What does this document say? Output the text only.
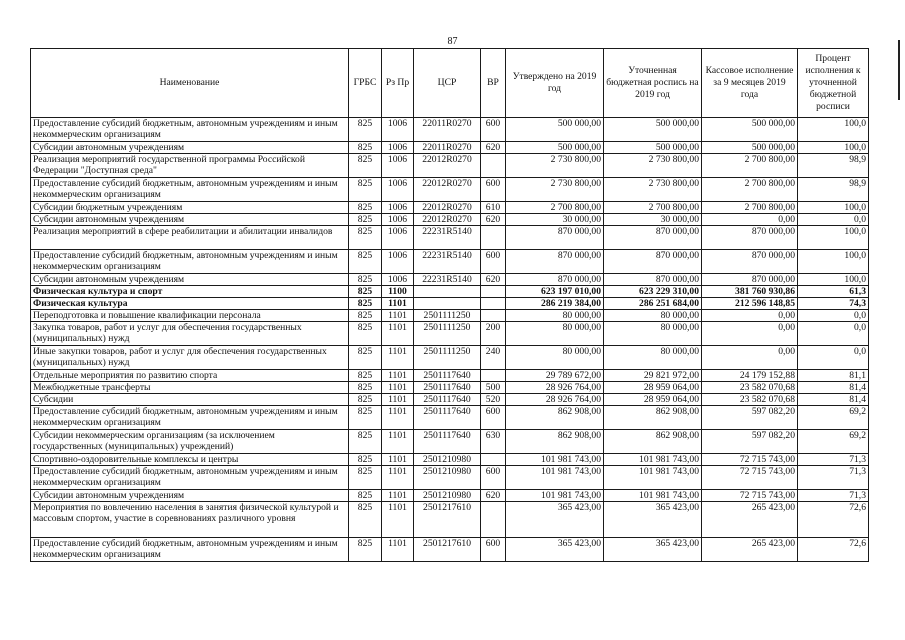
87
Наименование	ГРБС	Рз Пр	ЦСР	ВР	Утверждено на 2019 год	Уточненная бюджетная роспись на 2019 год	Кассовое исполнение за 9 месяцев 2019 года	Процент исполнения к уточненной бюджетной росписи
Предоставление субсидий бюджетным, автономным учреждениям и иным некоммерческим организациям	825	1006	22011R0270	600	500 000,00	500 000,00	500 000,00	100,0
Субсидии автономным учреждениям	825	1006	22011R0270	620	500 000,00	500 000,00	500 000,00	100,0
Реализация мероприятий государственной программы Российской Федерации "Доступная среда"	825	1006	22012R0270		2 730 800,00	2 730 800,00	2 700 800,00	98,9
Предоставление субсидий бюджетным, автономным учреждениям и иным некоммерческим организациям	825	1006	22012R0270	600	2 730 800,00	2 730 800,00	2 700 800,00	98,9
Субсидии бюджетным учреждениям	825	1006	22012R0270	610	2 700 800,00	2 700 800,00	2 700 800,00	100,0
Субсидии автономным учреждениям	825	1006	22012R0270	620	30 000,00	30 000,00	0,00	0,0
Реализация мероприятий в сфере реабилитации и абилитации инвалидов	825	1006	22231R5140		870 000,00	870 000,00	870 000,00	100,0
Предоставление субсидий бюджетным, автономным учреждениям и иным некоммерческим организациям	825	1006	22231R5140	600	870 000,00	870 000,00	870 000,00	100,0
Субсидии автономным учреждениям	825	1006	22231R5140	620	870 000,00	870 000,00	870 000,00	100,0
Физическая культура и спорт	825	1100			623 197 010,00	623 229 310,00	381 760 930,86	61,3
Физическая культура	825	1101			286 219 384,00	286 251 684,00	212 596 148,85	74,3
Переподготовка и повышение квалификации персонала	825	1101	2501111250		80 000,00	80 000,00	0,00	0,0
Закупка товаров, работ и услуг для обеспечения государственных (муниципальных) нужд	825	1101	2501111250	200	80 000,00	80 000,00	0,00	0,0
Иные закупки товаров, работ и услуг для обеспечения государственных (муниципальных) нужд	825	1101	2501111250	240	80 000,00	80 000,00	0,00	0,0
Отдельные мероприятия по развитию спорта	825	1101	2501117640		29 789 672,00	29 821 972,00	24 179 152,88	81,1
Межбюджетные трансферты	825	1101	2501117640	500	28 926 764,00	28 959 064,00	23 582 070,68	81,4
Субсидии	825	1101	2501117640	520	28 926 764,00	28 959 064,00	23 582 070,68	81,4
Предоставление субсидий бюджетным, автономным учреждениям и иным некоммерческим организациям	825	1101	2501117640	600	862 908,00	862 908,00	597 082,20	69,2
Субсидии некоммерческим организациям (за исключением государственных (муниципальных) учреждений)	825	1101	2501117640	630	862 908,00	862 908,00	597 082,20	69,2
Спортивно-оздоровительные комплексы и центры	825	1101	2501210980		101 981 743,00	101 981 743,00	72 715 743,00	71,3
Предоставление субсидий бюджетным, автономным учреждениям и иным некоммерческим организациям	825	1101	2501210980	600	101 981 743,00	101 981 743,00	72 715 743,00	71,3
Субсидии автономным учреждениям	825	1101	2501210980	620	101 981 743,00	101 981 743,00	72 715 743,00	71,3
Мероприятия по вовлечению населения в занятия физической культурой и массовым спортом, участие в соревнованиях различного уровня	825	1101	2501217610		365 423,00	365 423,00	265 423,00	72,6
Предоставление субсидий бюджетным, автономным учреждениям и иным некоммерческим организациям	825	1101	2501217610	600	365 423,00	365 423,00	265 423,00	72,6
